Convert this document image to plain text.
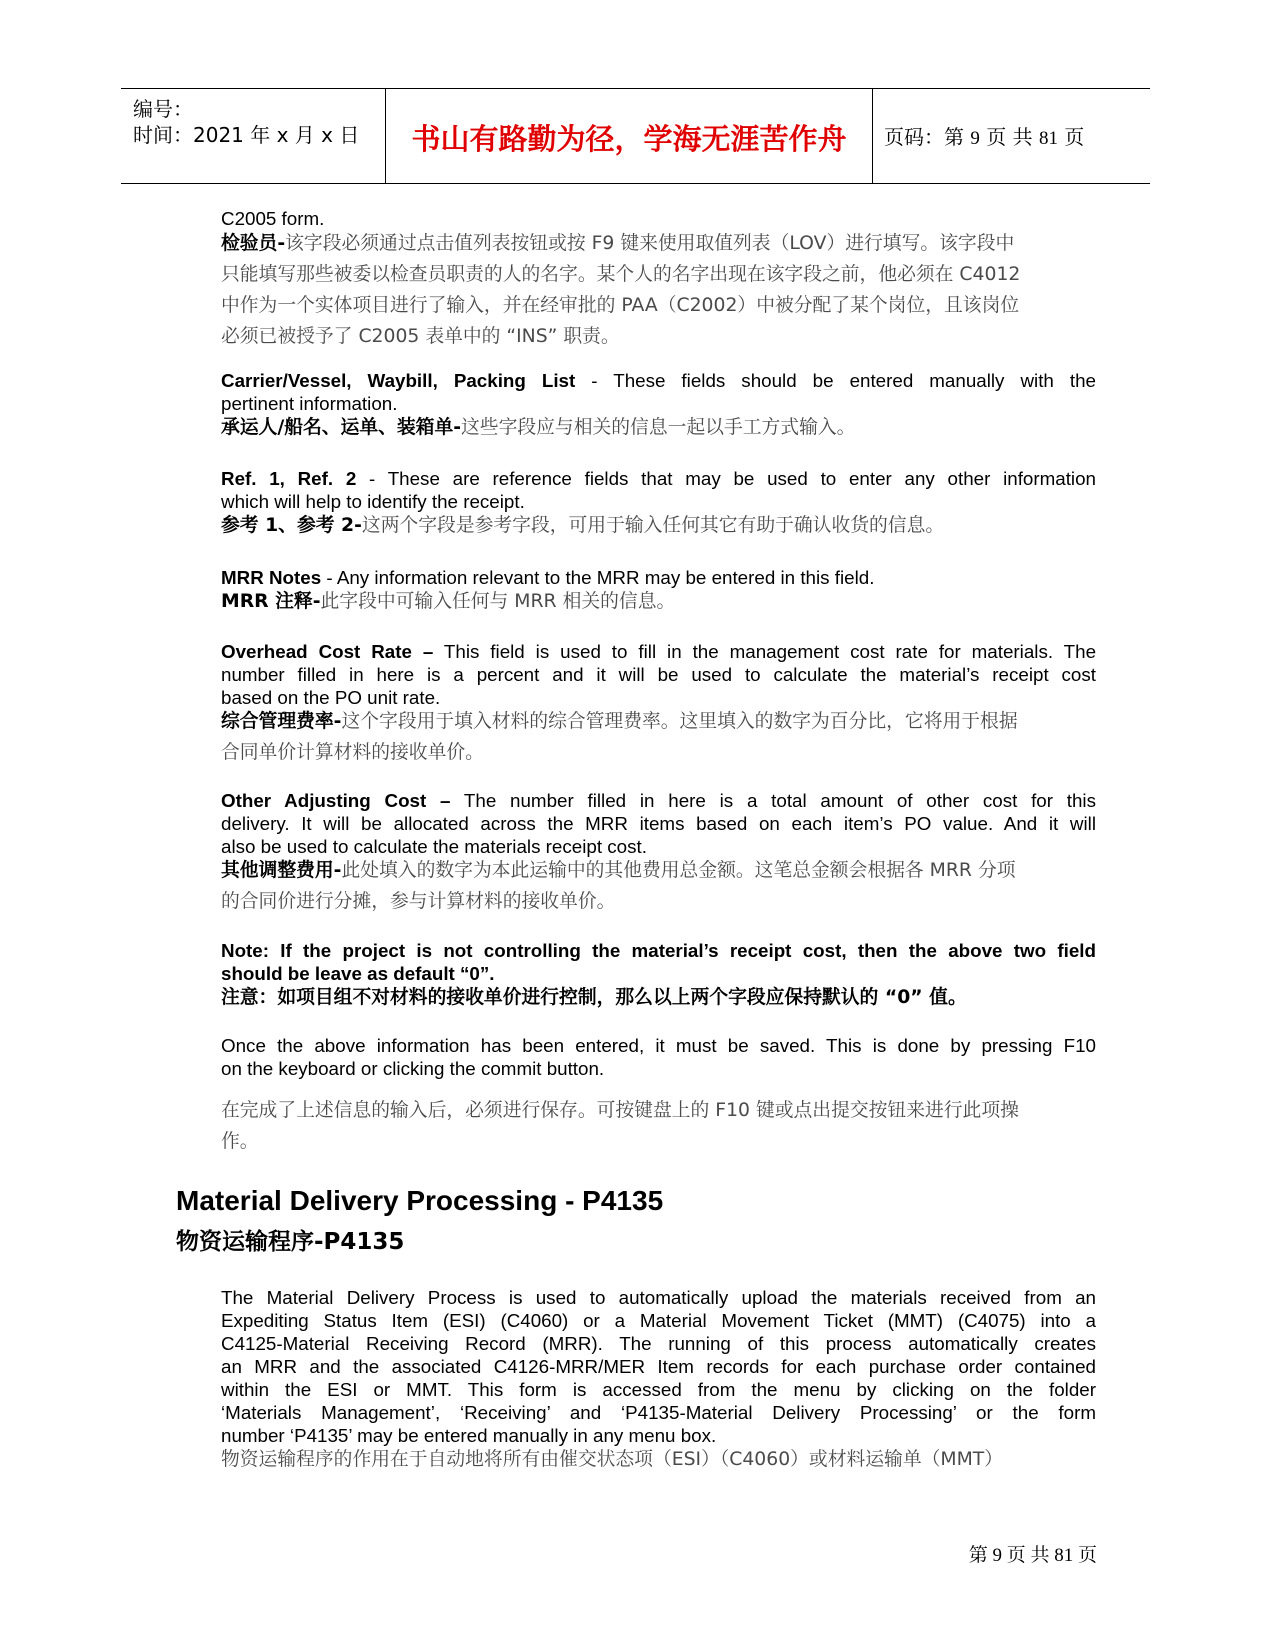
编号：
时间：2021 年 x 月 x 日	书山有路勤为径，学海无涯苦作舟	页码：第 9 页 共 81 页
C2005 form.
检验员-该字段必须通过点击值列表按钮或按 F9 键来使用取值列表（LOV）进行填写。该字段中
只能填写那些被委以检查员职责的人的名字。某个人的名字出现在该字段之前，他必须在 C4012
中作为一个实体项目进行了输入，并在经审批的 PAA（C2002）中被分配了某个岗位，且该岗位
必须已被授予了 C2005 表单中的 “INS” 职责。
Carrier/Vessel, Waybill, Packing List - These fields should be entered manually with the
pertinent information.
承运人/船名、运单、装箱单-这些字段应与相关的信息一起以手工方式输入。
Ref. 1, Ref. 2 - These are reference fields that may be used to enter any other information
which will help to identify the receipt.
参考 1、参考 2-这两个字段是参考字段，可用于输入任何其它有助于确认收货的信息。
MRR Notes - Any information relevant to the MRR may be entered in this field.
MRR 注释-此字段中可输入任何与 MRR 相关的信息。
Overhead Cost Rate – This field is used to fill in the management cost rate for materials. The
number filled in here is a percent and it will be used to calculate the material’s receipt cost
based on the PO unit rate.
综合管理费率-这个字段用于填入材料的综合管理费率。这里填入的数字为百分比，它将用于根据
合同单价计算材料的接收单价。
Other Adjusting Cost – The number filled in here is a total amount of other cost for this
delivery. It will be allocated across the MRR items based on each item’s PO value. And it will
also be used to calculate the materials receipt cost.
其他调整费用-此处填入的数字为本此运输中的其他费用总金额。这笔总金额会根据各 MRR 分项
的合同价进行分摊，参与计算材料的接收单价。
Note: If the project is not controlling the material’s receipt cost, then the above two field
should be leave as default “0”.
注意：如项目组不对材料的接收单价进行控制，那么以上两个字段应保持默认的 “0” 值。
Once the above information has been entered, it must be saved. This is done by pressing F10
on the keyboard or clicking the commit button.
在完成了上述信息的输入后，必须进行保存。可按键盘上的 F10 键或点出提交按钮来进行此项操
作。
Material Delivery Processing - P4135
物资运输程序-P4135
The Material Delivery Process is used to automatically upload the materials received from an
Expediting Status Item (ESI) (C4060) or a Material Movement Ticket (MMT) (C4075) into a
C4125-Material Receiving Record (MRR). The running of this process automatically creates
an MRR and the associated C4126-MRR/MER Item records for each purchase order contained
within the ESI or MMT. This form is accessed from the menu by clicking on the folder
‘Materials Management’, ‘Receiving’ and ‘P4135-Material Delivery Processing’ or the form
number ‘P4135’ may be entered manually in any menu box.
物资运输程序的作用在于自动地将所有由催交状态项（ESI）（C4060）或材料运输单（MMT）
第 9 页 共 81 页
